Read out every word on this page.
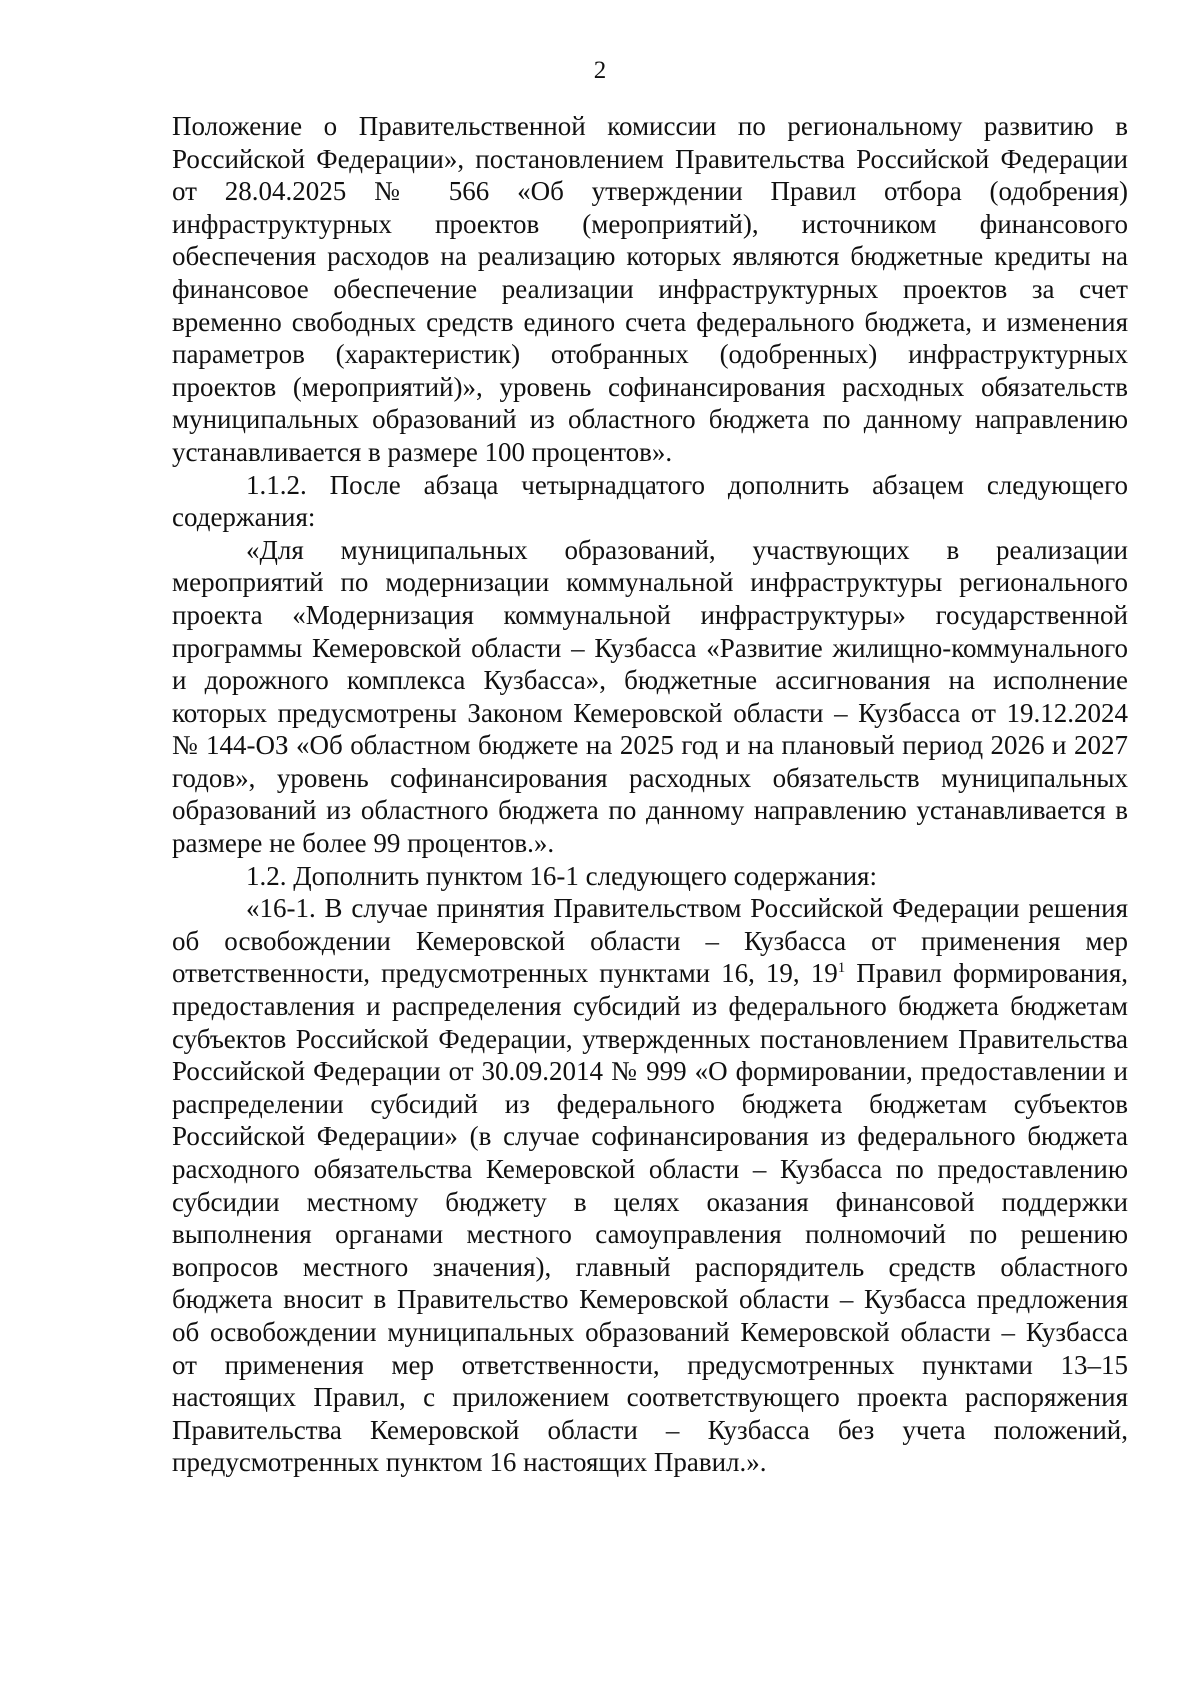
2

Положение о Правительственной комиссии по региональному развитию в Российской Федерации», постановлением Правительства Российской Федерации от 28.04.2025 № 566 «Об утверждении Правил отбора (одобрения) инфраструктурных проектов (мероприятий), источником финансового обеспечения расходов на реализацию которых являются бюджетные кредиты на финансовое обеспечение реализации инфраструктурных проектов за счет временно свободных средств единого счета федерального бюджета, и изменения параметров (характеристик) отобранных (одобренных) инфраструктурных проектов (мероприятий)», уровень софинансирования расходных обязательств муниципальных образований из областного бюджета по данному направлению устанавливается в размере 100 процентов».

1.1.2. После абзаца четырнадцатого дополнить абзацем следующего содержания:

«Для муниципальных образований, участвующих в реализации мероприятий по модернизации коммунальной инфраструктуры регионального проекта «Модернизация коммунальной инфраструктуры» государственной программы Кемеровской области – Кузбасса «Развитие жилищно-коммунального и дорожного комплекса Кузбасса», бюджетные ассигнования на исполнение которых предусмотрены Законом Кемеровской области – Кузбасса от 19.12.2024 № 144-ОЗ «Об областном бюджете на 2025 год и на плановый период 2026 и 2027 годов», уровень софинансирования расходных обязательств муниципальных образований из областного бюджета по данному направлению устанавливается в размере не более 99 процентов.».

1.2. Дополнить пунктом 16-1 следующего содержания:

«16-1. В случае принятия Правительством Российской Федерации решения об освобождении Кемеровской области – Кузбасса от применения мер ответственности, предусмотренных пунктами 16, 19, $19^1$ Правил формирования, предоставления и распределения субсидий из федерального бюджета бюджетам субъектов Российской Федерации, утвержденных постановлением Правительства Российской Федерации от 30.09.2014 № 999 «О формировании, предоставлении и распределении субсидий из федерального бюджета бюджетам субъектов Российской Федерации» (в случае софинансирования из федерального бюджета расходного обязательства Кемеровской области – Кузбасса по предоставлению субсидии местному бюджету в целях оказания финансовой поддержки выполнения органами местного самоуправления полномочий по решению вопросов местного значения), главный распорядитель средств областного бюджета вносит в Правительство Кемеровской области – Кузбасса предложения об освобождении муниципальных образований Кемеровской области – Кузбасса от применения мер ответственности, предусмотренных пунктами 13–15 настоящих Правил, с приложением соответствующего проекта распоряжения Правительства Кемеровской области – Кузбасса без учета положений, предусмотренных пунктом 16 настоящих Правил.».
